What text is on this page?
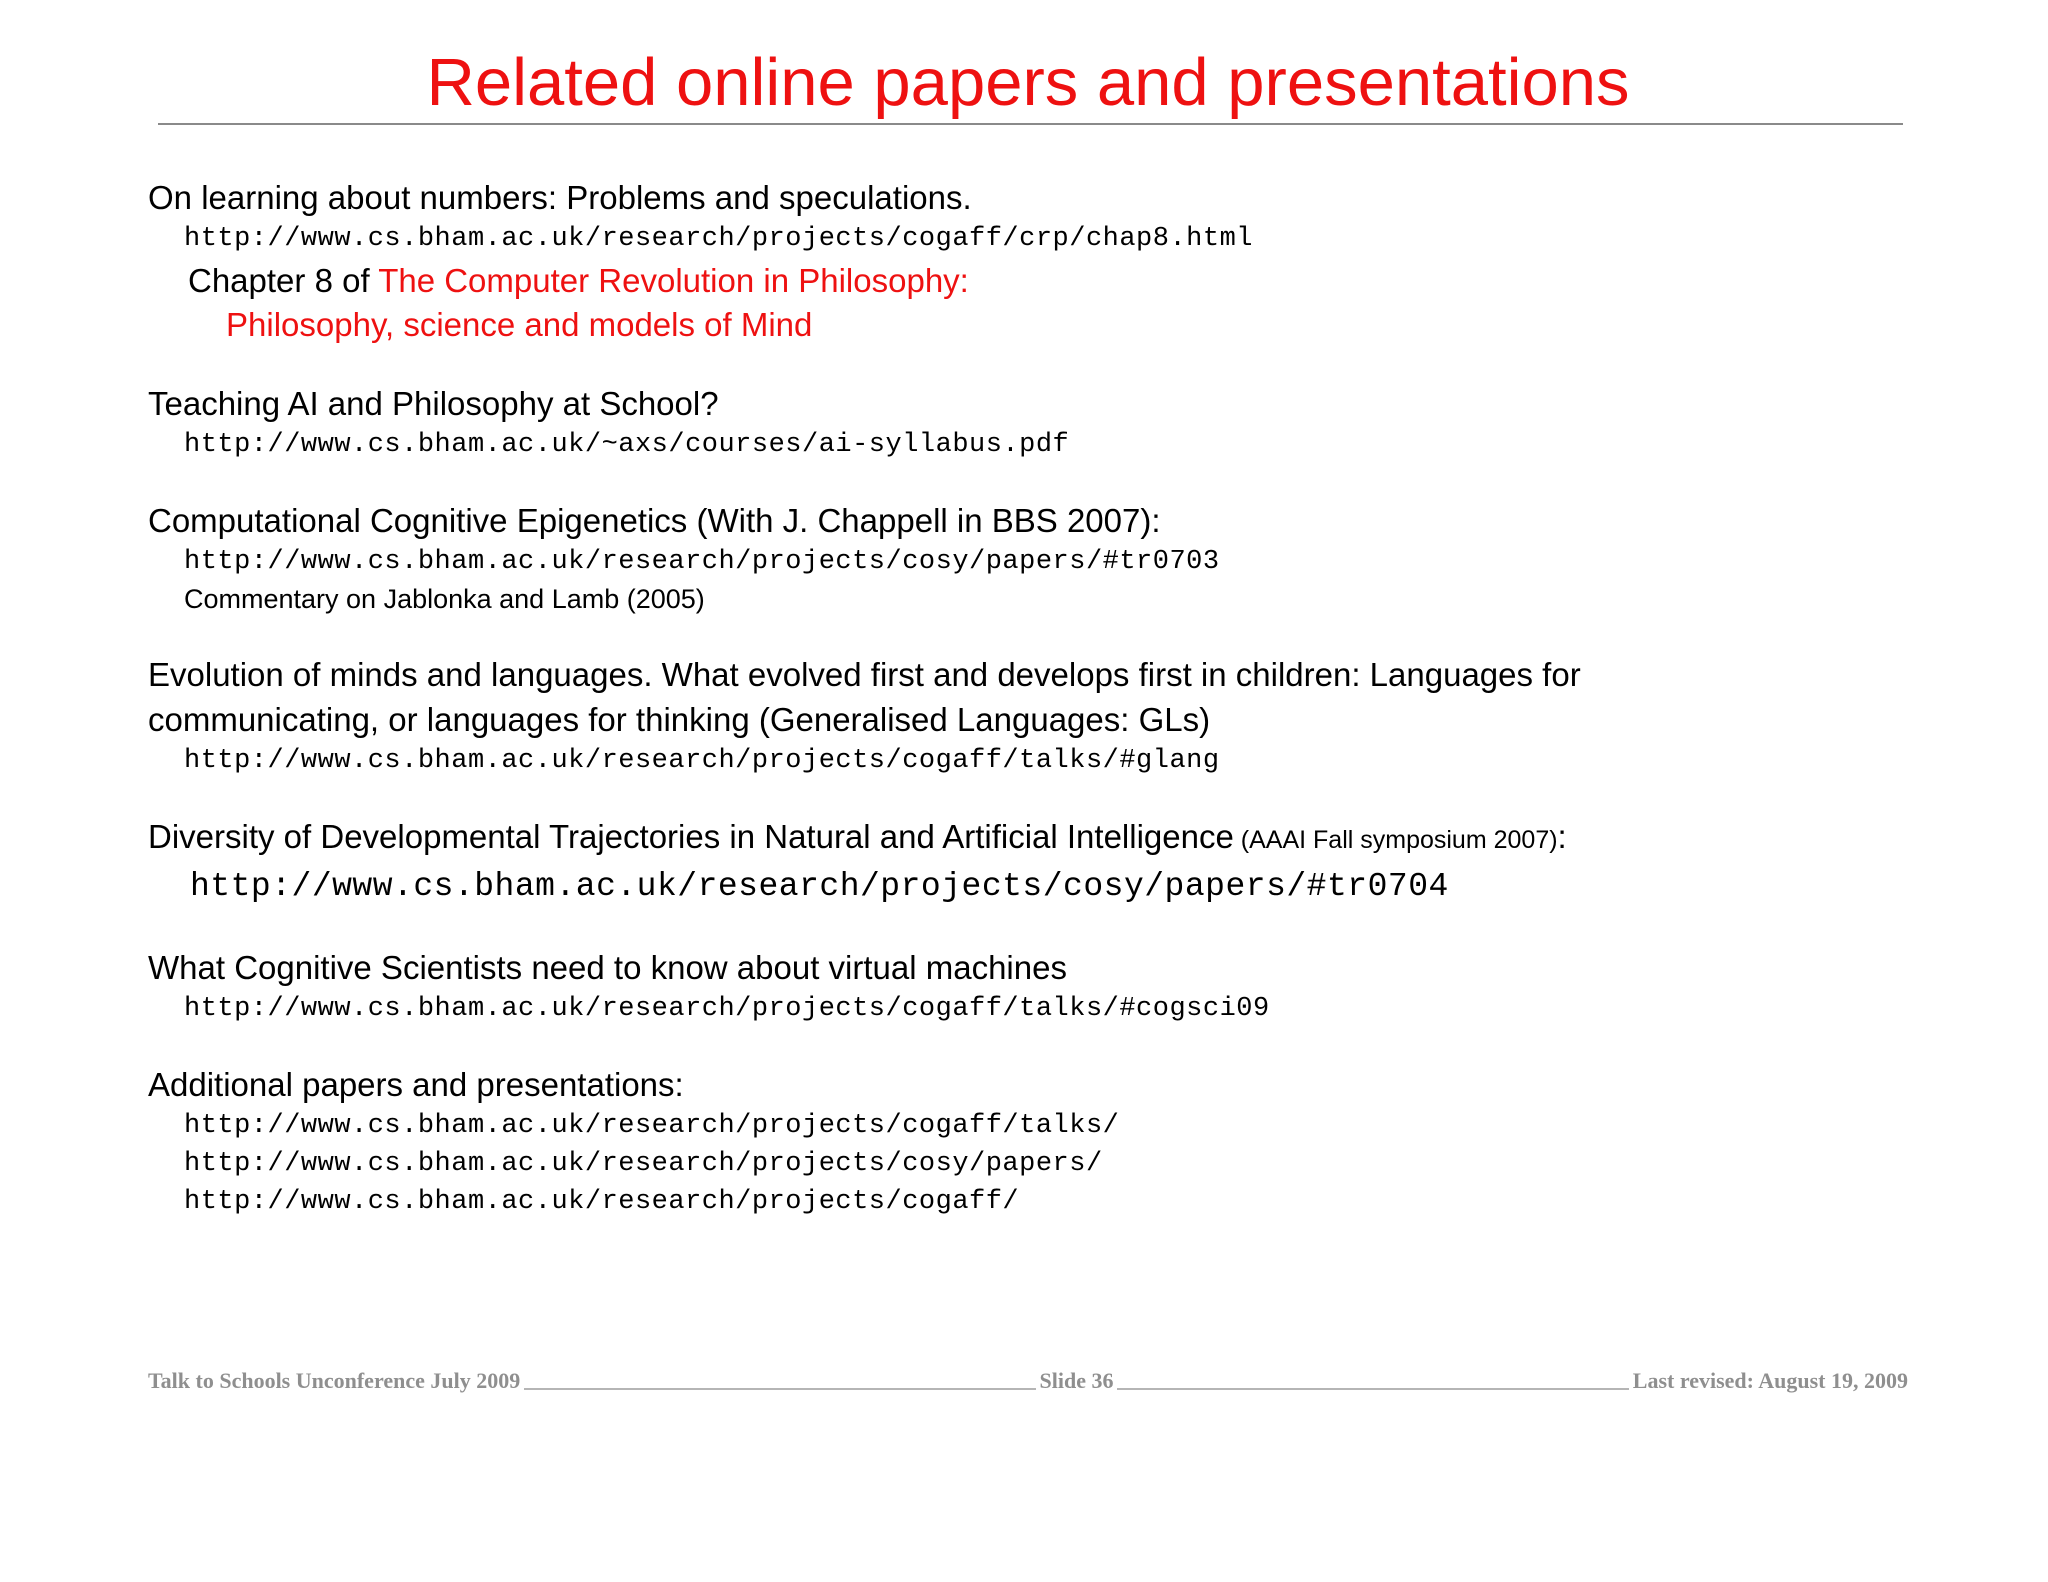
Related online papers and presentations
On learning about numbers: Problems and speculations.
http://www.cs.bham.ac.uk/research/projects/cogaff/crp/chap8.html
Chapter 8 of The Computer Revolution in Philosophy:
Philosophy, science and models of Mind
Teaching AI and Philosophy at School?
http://www.cs.bham.ac.uk/~axs/courses/ai-syllabus.pdf
Computational Cognitive Epigenetics (With J. Chappell in BBS 2007):
http://www.cs.bham.ac.uk/research/projects/cosy/papers/#tr0703
Commentary on Jablonka and Lamb (2005)
Evolution of minds and languages. What evolved first and develops first in children: Languages for
communicating, or languages for thinking (Generalised Languages: GLs)
http://www.cs.bham.ac.uk/research/projects/cogaff/talks/#glang
Diversity of Developmental Trajectories in Natural and Artificial Intelligence (AAAI Fall symposium 2007):
http://www.cs.bham.ac.uk/research/projects/cosy/papers/#tr0704
What Cognitive Scientists need to know about virtual machines
http://www.cs.bham.ac.uk/research/projects/cogaff/talks/#cogsci09
Additional papers and presentations:
http://www.cs.bham.ac.uk/research/projects/cogaff/talks/
http://www.cs.bham.ac.uk/research/projects/cosy/papers/
http://www.cs.bham.ac.uk/research/projects/cogaff/
Talk to Schools Unconference July 2009	Slide 36	Last revised: August 19, 2009
